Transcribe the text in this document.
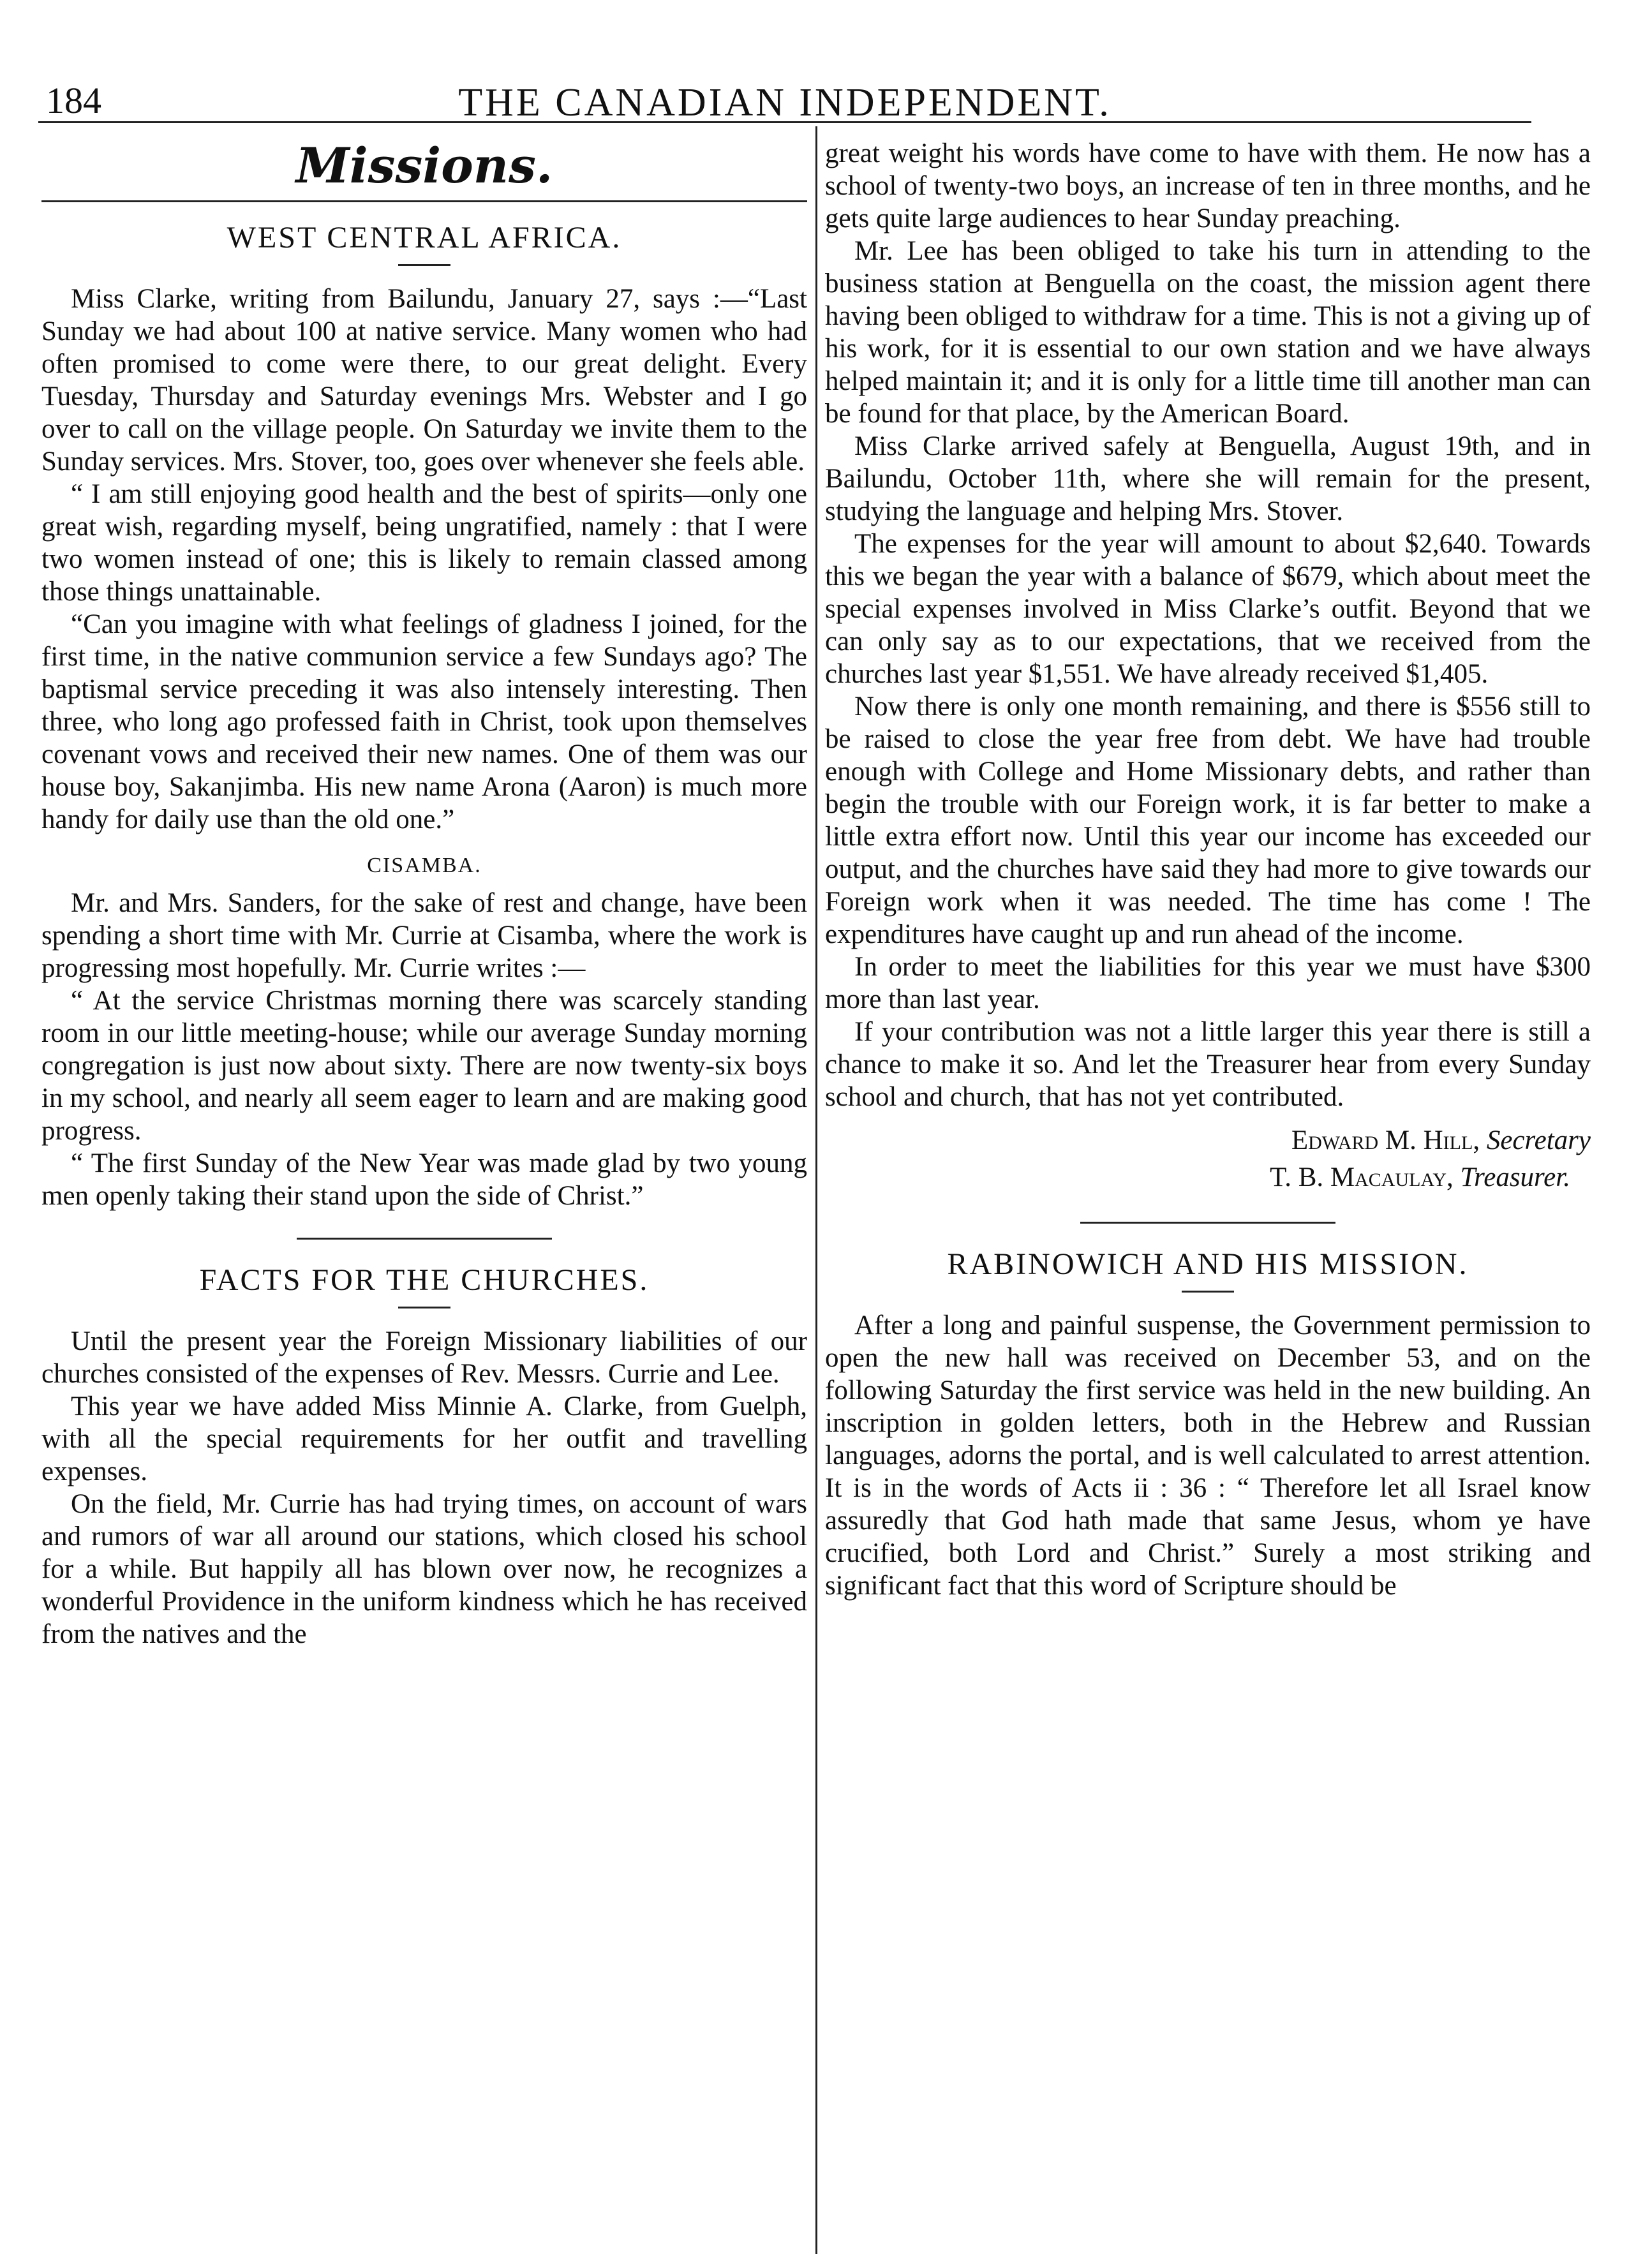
184	THE CANADIAN INDEPENDENT.
Missions.
WEST CENTRAL AFRICA.

Miss Clarke, writing from Bailundu, January 27, says :—“Last Sunday we had about 100 at native service. Many women who had often promised to come were there, to our great delight. Every Tuesday, Thursday and Saturday evenings Mrs. Webster and I go over to call on the village people. On Saturday we invite them to the Sunday services. Mrs. Stover, too, goes over whenever she feels able.

“ I am still enjoying good health and the best of spirits—only one great wish, regarding myself, being ungratified, namely : that I were two women instead of one; this is likely to remain classed among those things unattainable.

“Can you imagine with what feelings of gladness I joined, for the first time, in the native communion service a few Sundays ago? The baptismal service preceding it was also intensely interesting. Then three, who long ago professed faith in Christ, took upon themselves covenant vows and received their new names. One of them was our house boy, Sakanjimba. His new name Arona (Aaron) is much more handy for daily use than the old one.”

CISAMBA.

Mr. and Mrs. Sanders, for the sake of rest and change, have been spending a short time with Mr. Currie at Cisamba, where the work is progressing most hopefully. Mr. Currie writes :—

“ At the service Christmas morning there was scarcely standing room in our little meeting-house; while our average Sunday morning congregation is just now about sixty. There are now twenty-six boys in my school, and nearly all seem eager to learn and are making good progress.

“ The first Sunday of the New Year was made glad by two young men openly taking their stand upon the side of Christ.”

FACTS FOR THE CHURCHES.

Until the present year the Foreign Missionary liabilities of our churches consisted of the expenses of Rev. Messrs. Currie and Lee.

This year we have added Miss Minnie A. Clarke, from Guelph, with all the special requirements for her outfit and travelling expenses.

On the field, Mr. Currie has had trying times, on account of wars and rumors of war all around our stations, which closed his school for a while. But happily all has blown over now, he recognizes a wonderful Providence in the uniform kindness which he has received from the natives and the

great weight his words have come to have with them. He now has a school of twenty-two boys, an increase of ten in three months, and he gets quite large audiences to hear Sunday preaching.

Mr. Lee has been obliged to take his turn in attending to the business station at Benguella on the coast, the mission agent there having been obliged to withdraw for a time. This is not a giving up of his work, for it is essential to our own station and we have always helped maintain it; and it is only for a little time till another man can be found for that place, by the American Board.

Miss Clarke arrived safely at Benguella, August 19th, and in Bailundu, October 11th, where she will remain for the present, studying the language and helping Mrs. Stover.

The expenses for the year will amount to about $2,640. Towards this we began the year with a balance of $679, which about meet the special expenses involved in Miss Clarke’s outfit. Beyond that we can only say as to our expectations, that we received from the churches last year $1,551. We have already received $1,405.

Now there is only one month remaining, and there is $556 still to be raised to close the year free from debt. We have had trouble enough with College and Home Missionary debts, and rather than begin the trouble with our Foreign work, it is far better to make a little extra effort now. Until this year our income has exceeded our output, and the churches have said they had more to give towards our Foreign work when it was needed. The time has come ! The expenditures have caught up and run ahead of the income.

In order to meet the liabilities for this year we must have $300 more than last year.

If your contribution was not a little larger this year there is still a chance to make it so. And let the Treasurer hear from every Sunday school and church, that has not yet contributed.

Edward M. Hill, Secretary
T. B. Macaulay, Treasurer.
RABINOWICH AND HIS MISSION.

After a long and painful suspense, the Government permission to open the new hall was received on December 53, and on the following Saturday the first service was held in the new building. An inscription in golden letters, both in the Hebrew and Russian languages, adorns the portal, and is well calculated to arrest attention. It is in the words of Acts ii : 36 : “ Therefore let all Israel know assuredly that God hath made that same Jesus, whom ye have crucified, both Lord and Christ.” Surely a most striking and significant fact that this word of Scripture should be
